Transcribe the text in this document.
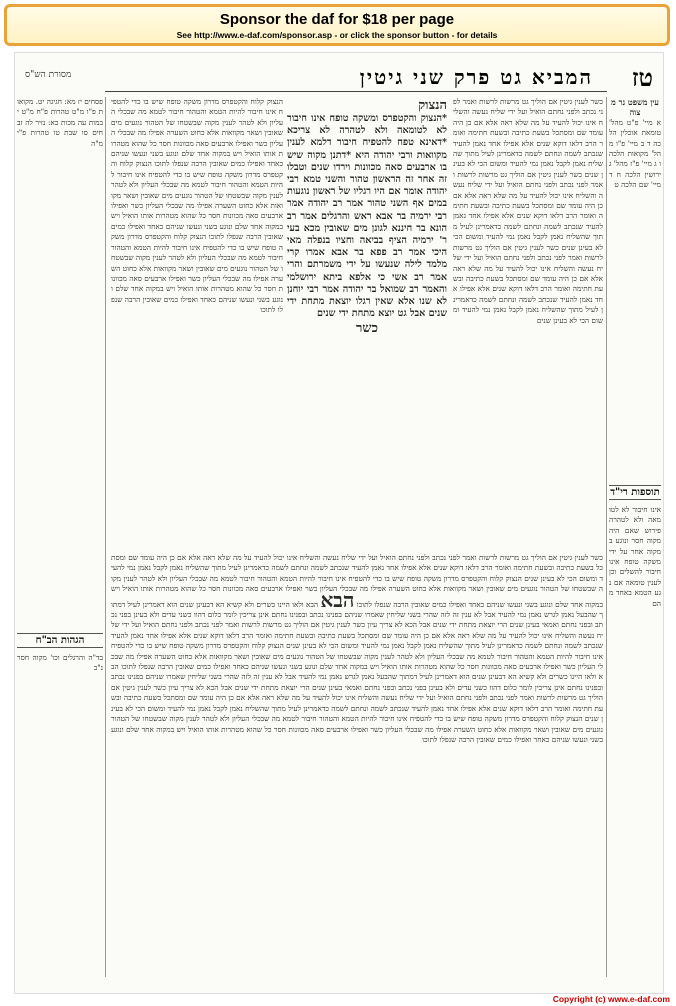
Sponsor the daf for $18 per page
See http://www.e-daf.com/sponsor.asp - or click the sponsor button - for details
טז
המביא גט פרק שני גיטין
מסורת הש"ס
עין משפט נר מצוה
א מיי' פ"ט מהל' טומאת אוכלין הלכה ד ב מיי' פ"ו מהל' מקואות הלכה ו ג מיי' פ"ז מהל' גירושין הלכה ח ד מיי' שם הלכה ט
תוספות רי"ד
אינו חיבור לא לטומאה ולא לטהרה פירוש שאם היה מקוה חסר ונוגע במקוה אחר על ידי משקה טופח אינו חיבור להשלים וכן לענין טומאה אם נגע הטמא באחד מהם
פסחים יז מא: חגיגה יט. מקואות פ"ו מ"ט טהרות פ"ח מ"ט יבמות עה מכות כא: נזיר לה זבחים סו שבת טו טהרות פ"י מ"ה
הגהות הב"ח
בד"ה והרגלים וכו' מקוה חסר נ"ב
כשר לענין גיטין אם הוליך גט מרשות לרשות ואמר לפני נכתב ולפני נחתם הואיל ועל ידי שליח נעשה והשליח אינו יכול להעיד על מה שלא ראה אלא אם כן היה עומד שם ומסתכל בשעת כתיבה ובשעת חתימה ואומר הרב דלאו דוקא שנים אלא אפילו אחד נאמן להעיד שנכתב לשמה ונחתם לשמה כדאמרינן לעיל מתוך שהשליח נאמן לקבל נאמן נמי להעיד ומשום הכי לא בעינן שנים כשר לענין גיטין אם הוליך גט מרשות לרשות ואמר לפני נכתב ולפני נחתם הואיל ועל ידי שליח נעשה והשליח אינו יכול להעיד על מה שלא ראה אלא אם כן היה עומד שם ומסתכל בשעת כתיבה ובשעת חתימה ואומר הרב דלאו דוקא שנים אלא אפילו אחד נאמן להעיד שנכתב לשמה ונחתם לשמה כדאמרינן לעיל מתוך שהשליח נאמן לקבל נאמן נמי להעיד ומשום הכי לא בעינן שנים כשר לענין גיטין אם הוליך גט מרשות לרשות ואמר לפני נכתב ולפני נחתם הואיל ועל ידי שליח נעשה והשליח אינו יכול להעיד על מה שלא ראה אלא אם כן היה עומד שם ומסתכל בשעת כתיבה ובשעת חתימה ואומר הרב דלאו דוקא שנים אלא אפילו אחד נאמן להעיד שנכתב לשמה ונחתם לשמה כדאמרינן לעיל מתוך שהשליח נאמן לקבל נאמן נמי להעיד ומשום הכי לא בעינן שנים
הנצוק
*הנצוק והקטפרס ומשקה טופח אינו חיבור לא לטומאה ולא לטהרה לא צריכא *דאינא טפח להטפיח חיבור דלמא לענין מקוואות ורבי יהודה היא *דתנן מקוה שיש בו ארבעים סאה מכוונות וירדו שנים וטבלו זה אחר זה הראשון טהור והשני טמא רבי יהודה אומר אם היו רגליו של ראשון נוגעות במים אף השני טהור אמר רב יהודה אמר רבי ירמיה בר אבא ראש והרגלים אמר רב הונא בר חיננא לגונן מים שאובין מכא בעי ר' ירמיה הציף בביאה וחציו בנפלה מאי היכי אמר רב פפא בר אבא אמרו קרי מלמד לילה שנעשו על ידי משמרתם והרי אמר רב אשי כי אלפא ביתא ירושלמי והאמר רב שמואל בר יהודה אמר רבי יוחנן לא שנו אלא שאין רגלו יוצאת מתחת ידי שנים אבל גט יוצא מתחת ידי שנים
כשר
הנצוק קלוח והקטפרס מדרון משקה טופח שיש בו כדי להטפיח אינו חיבור להיות הטמא והטהור חיבור לטמא מה שבכלי העליון ולא לטהר לענין מקוה שבשטחו של הטהור נוגעים מים שאובין ושאר מקוואות אלא כחוט השערה אפילו מה שבכלי העליון כשר ואפילו ארבעים סאה מכוונות חסר כל שהוא מטהרות אותו הואיל ויש במקוה אחד שלם ונוגע בשני ונעשו שניהם כאחד ואפילו כמים שאובין הרבה שנפלו לתוכו הנצוק קלוח והקטפרס מדרון משקה טופח שיש בו כדי להטפיח אינו חיבור להיות הטמא והטהור חיבור לטמא מה שבכלי העליון ולא לטהר לענין מקוה שבשטחו של הטהור נוגעים מים שאובין ושאר מקוואות אלא כחוט השערה אפילו מה שבכלי העליון כשר ואפילו ארבעים סאה מכוונות חסר כל שהוא מטהרות אותו הואיל ויש במקוה אחד שלם ונוגע בשני ונעשו שניהם כאחד ואפילו כמים שאובין הרבה שנפלו לתוכו הנצוק קלוח והקטפרס מדרון משקה טופח שיש בו כדי להטפיח אינו חיבור להיות הטמא והטהור חיבור לטמא מה שבכלי העליון ולא לטהר לענין מקוה שבשטחו של הטהור נוגעים מים שאובין ושאר מקוואות אלא כחוט השערה אפילו מה שבכלי העליון כשר ואפילו ארבעים סאה מכוונות חסר כל שהוא מטהרות אותו הואיל ויש במקוה אחד שלם ונוגע בשני ונעשו שניהם כאחד ואפילו כמים שאובין הרבה שנפלו לתוכו
כשר לענין גיטין אם הוליך גט מרשות לרשות ואמר לפני נכתב ולפני נחתם הואיל ועל ידי שליח נעשה והשליח אינו יכול להעיד על מה שלא ראה אלא אם כן היה עומד שם ומסתכל בשעת כתיבה ובשעת חתימה ואומר הרב דלאו דוקא שנים אלא אפילו אחד נאמן להעיד שנכתב לשמה ונחתם לשמה כדאמרינן לעיל מתוך שהשליח נאמן לקבל נאמן נמי להעיד ומשום הכי לא בעינן שנים הנצוק קלוח והקטפרס מדרון משקה טופח שיש בו כדי להטפיח אינו חיבור להיות הטמא והטהור חיבור לטמא מה שבכלי העליון ולא לטהר לענין מקוה שבשטחו של הטהור נוגעים מים שאובין ושאר מקוואות אלא כחוט השערה אפילו מה שבכלי העליון כשר ואפילו ארבעים סאה מכוונות חסר כל שהוא מטהרות אותו הואיל ויש במקוה אחד שלם ונוגע בשני ונעשו שניהם כאחד ואפילו כמים שאובין הרבה שנפלו לתוכו הבא הבא ולאו היינו כשרים ולא קשיא הא דבעינן שנים הוא דאמרינן לעיל דמתוך שהבעל נאמן לגרש נאמן נמי להעיד אבל לא ענין זה לזה שהרי בשני שליחין שאמרו שניהם בפנינו נכתב ובפנינו נחתם אינן צריכין לומר כלום דהוו כשני עדים ולא בעינן בפני נכתב ובפני נחתם ואמאי בעינן שנים הרי יוצאת מתחת ידי שנים אבל הכא לא צריך עיון כשר לענין גיטין אם הוליך גט מרשות לרשות ואמר לפני נכתב ולפני נחתם הואיל ועל ידי שליח נעשה והשליח אינו יכול להעיד על מה שלא ראה אלא אם כן היה עומד שם ומסתכל בשעת כתיבה ובשעת חתימה ואומר הרב דלאו דוקא שנים אלא אפילו אחד נאמן להעיד שנכתב לשמה ונחתם לשמה כדאמרינן לעיל מתוך שהשליח נאמן לקבל נאמן נמי להעיד ומשום הכי לא בעינן שנים הנצוק קלוח והקטפרס מדרון משקה טופח שיש בו כדי להטפיח אינו חיבור להיות הטמא והטהור חיבור לטמא מה שבכלי העליון ולא לטהר לענין מקוה שבשטחו של הטהור נוגעים מים שאובין ושאר מקוואות אלא כחוט השערה אפילו מה שבכלי העליון כשר ואפילו ארבעים סאה מכוונות חסר כל שהוא מטהרות אותו הואיל ויש במקוה אחד שלם ונוגע בשני ונעשו שניהם כאחד ואפילו כמים שאובין הרבה שנפלו לתוכו הבא ולאו היינו כשרים ולא קשיא הא דבעינן שנים הוא דאמרינן לעיל דמתוך שהבעל נאמן לגרש נאמן נמי להעיד אבל לא ענין זה לזה שהרי בשני שליחין שאמרו שניהם בפנינו נכתב ובפנינו נחתם אינן צריכין לומר כלום דהוו כשני עדים ולא בעינן בפני נכתב ובפני נחתם ואמאי בעינן שנים הרי יוצאת מתחת ידי שנים אבל הכא לא צריך עיון כשר לענין גיטין אם הוליך גט מרשות לרשות ואמר לפני נכתב ולפני נחתם הואיל ועל ידי שליח נעשה והשליח אינו יכול להעיד על מה שלא ראה אלא אם כן היה עומד שם ומסתכל בשעת כתיבה ובשעת חתימה ואומר הרב דלאו דוקא שנים אלא אפילו אחד נאמן להעיד שנכתב לשמה ונחתם לשמה כדאמרינן לעיל מתוך שהשליח נאמן לקבל נאמן נמי להעיד ומשום הכי לא בעינן שנים הנצוק קלוח והקטפרס מדרון משקה טופח שיש בו כדי להטפיח אינו חיבור להיות הטמא והטהור חיבור לטמא מה שבכלי העליון ולא לטהר לענין מקוה שבשטחו של הטהור נוגעים מים שאובין ושאר מקוואות אלא כחוט השערה אפילו מה שבכלי העליון כשר ואפילו ארבעים סאה מכוונות חסר כל שהוא מטהרות אותו הואיל ויש במקוה אחד שלם ונוגע בשני ונעשו שניהם כאחד ואפילו כמים שאובין הרבה שנפלו לתוכו
Copyright (c) www.e-daf.com
